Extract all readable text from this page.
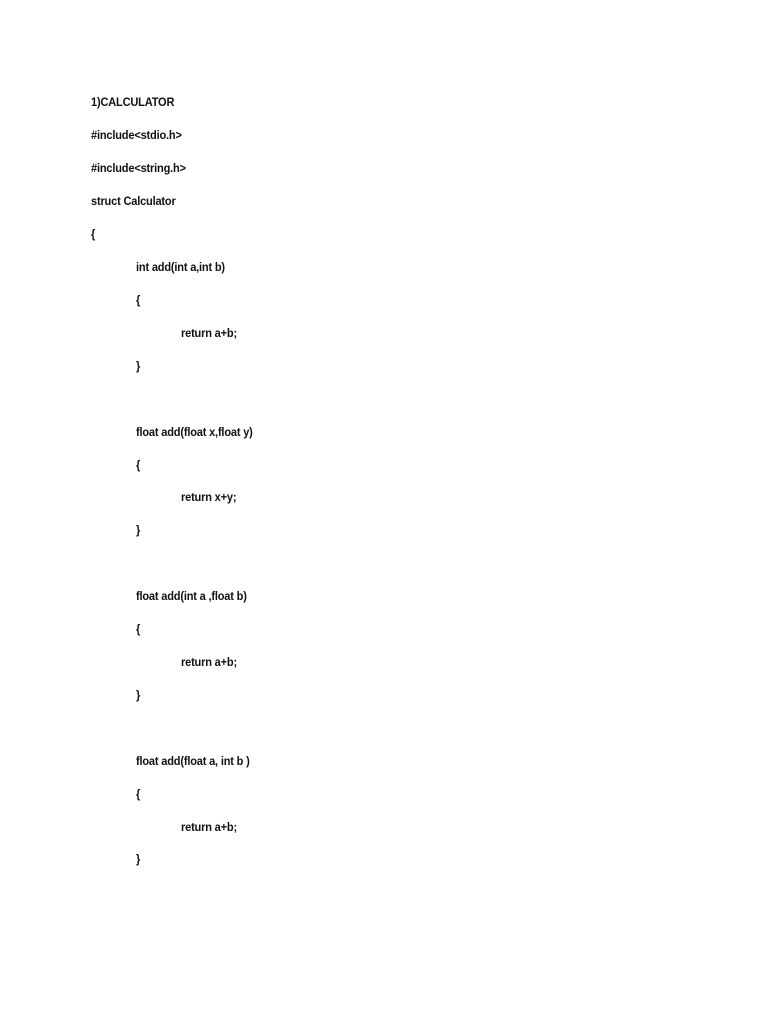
1)CALCULATOR
#include<stdio.h>
#include<string.h>
struct Calculator
{
int add(int a,int b)
{
return a+b;
}
float add(float x,float y)
{
return x+y;
}
float add(int a ,float b)
{
return a+b;
}
float add(float a, int b )
{
return a+b;
}
